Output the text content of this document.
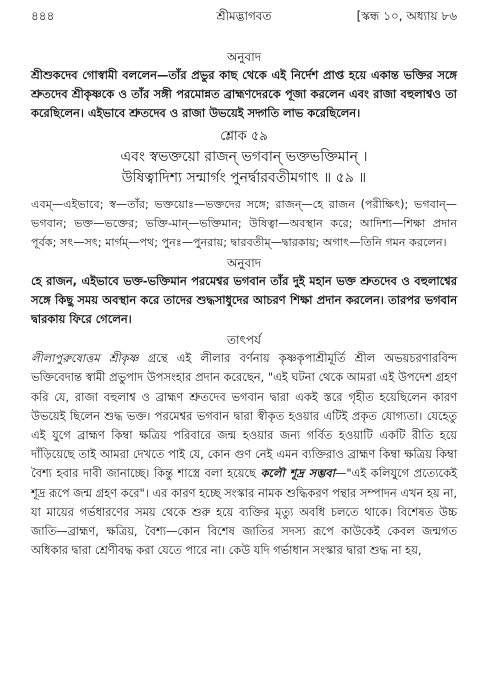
৪৪৪	শ্রীমদ্ভাগবত	[স্কন্ধ ১০, অধ্যায় ৮৬

অনুবাদ

শ্রীশুকদেব গোস্বামী বললেন—তাঁর প্রভুর কাছ থেকে এই নির্দেশ প্রাপ্ত হয়ে একান্ত ভক্তির সঙ্গে শ্রুতদেব শ্রীকৃষ্ণকে ও তাঁর সঙ্গী পরমোন্নত ব্রাহ্মণদেরকে পূজা করলেন এবং রাজা বহুলাশ্বও তা করেছিলেন। এইভাবে শ্রুতদেব ও রাজা উভয়েই সদ্গতি লাভ করেছিলেন।

শ্লোক ৫৯

এবং স্বভক্তয়ো রাজন্ ভগবান্ ভক্তভক্তিমান্ ।

উষিত্বাদিশ্য সন্মার্গং পুনর্দ্বারবতীমগাৎ ॥ ৫৯ ॥

এবম্—এইভাবে; স্ব—তাঁর; ভক্তয়োঃ—ভক্তদের সঙ্গে; রাজন্—হে রাজন (পরীক্ষিৎ); ভগবান্—ভগবান; ভক্ত—ভক্তের; ভক্তি-মান্—ভক্তিমান; উষিত্বা—অবস্থান করে; আদিশ্য—শিক্ষা প্রদান পূর্বক; সৎ—সৎ; মার্গম্—পথ; পুনঃ—পুনরায়; দ্বারবতীম্—দ্বারকায়; অগাৎ—তিনি গমন করলেন।

অনুবাদ

হে রাজন, এইভাবে ভক্ত-ভক্তিমান পরমেশ্বর ভগবান তাঁর দুই মহান ভক্ত শ্রুতদেব ও বহুলাশ্বের সঙ্গে কিছু সময় অবস্থান করে তাদের শুদ্ধসাধুদের আচরণ শিক্ষা প্রদান করলেন। তারপর ভগবান দ্বারকায় ফিরে গেলেন।

তাৎপর্য

লীলাপুরুষোত্তম শ্রীকৃষ্ণ গ্রন্থে এই লীলার বর্ণনায় কৃষ্ণকৃপাশ্রীমূর্তি শ্রীল অভয়চরণারবিন্দ ভক্তিবেদান্ত স্বামী প্রভুপাদ উপসংহার প্রদান করেছেন, "এই ঘটনা থেকে আমরা এই উপদেশ গ্রহণ করি যে, রাজা বহুলাশ্ব ও ব্রাহ্মণ শ্রুতদেব ভগবান দ্বারা একই স্তরে গৃহীত হয়েছিলেন কারণ উভয়েই ছিলেন শুদ্ধ ভক্ত। পরমেশ্বর ভগবান দ্বারা স্বীকৃত হওয়ার এটিই প্রকৃত যোগ্যতা। যেহেতু এই যুগে ব্রাহ্মণ কিম্বা ক্ষত্রিয় পরিবারে জন্ম হওয়ার জন্য গর্বিত হওয়াটি একটি রীতি হয়ে দাঁড়িয়েছে তাই আমরা দেখতে পাই যে, কোন গুণ নেই এমন ব্যক্তিরাও ব্রাহ্মণ কিম্বা ক্ষত্রিয় কিম্বা বৈশ্য হবার দাবী জানাচ্ছে। কিন্তু শাস্ত্রে বলা হয়েছে কলৌ শূদ্র সম্ভবা—"এই কলিযুগে প্রত্যেকেই শূদ্র রূপে জন্ম গ্রহণ করে"। এর কারণ হচ্ছে সংস্কার নামক শুদ্ধিকরণ পন্থার সম্পাদন এখন হয় না, যা মায়ের গর্ভধারণের সময় থেকে শুরু হয়ে ব্যক্তির মৃত্যু অবধি চলতে থাকে। বিশেষত উচ্চ জাতি—ব্রাহ্মণ, ক্ষত্রিয়, বৈশ্য—কোন বিশেষ জাতির সদস্য রূপে কাউকেই কেবল জন্মগত অধিকার দ্বারা শ্রেণীবদ্ধ করা যেতে পারে না। কেউ যদি গর্ভাধান সংস্কার দ্বারা শুদ্ধ না হয়,
